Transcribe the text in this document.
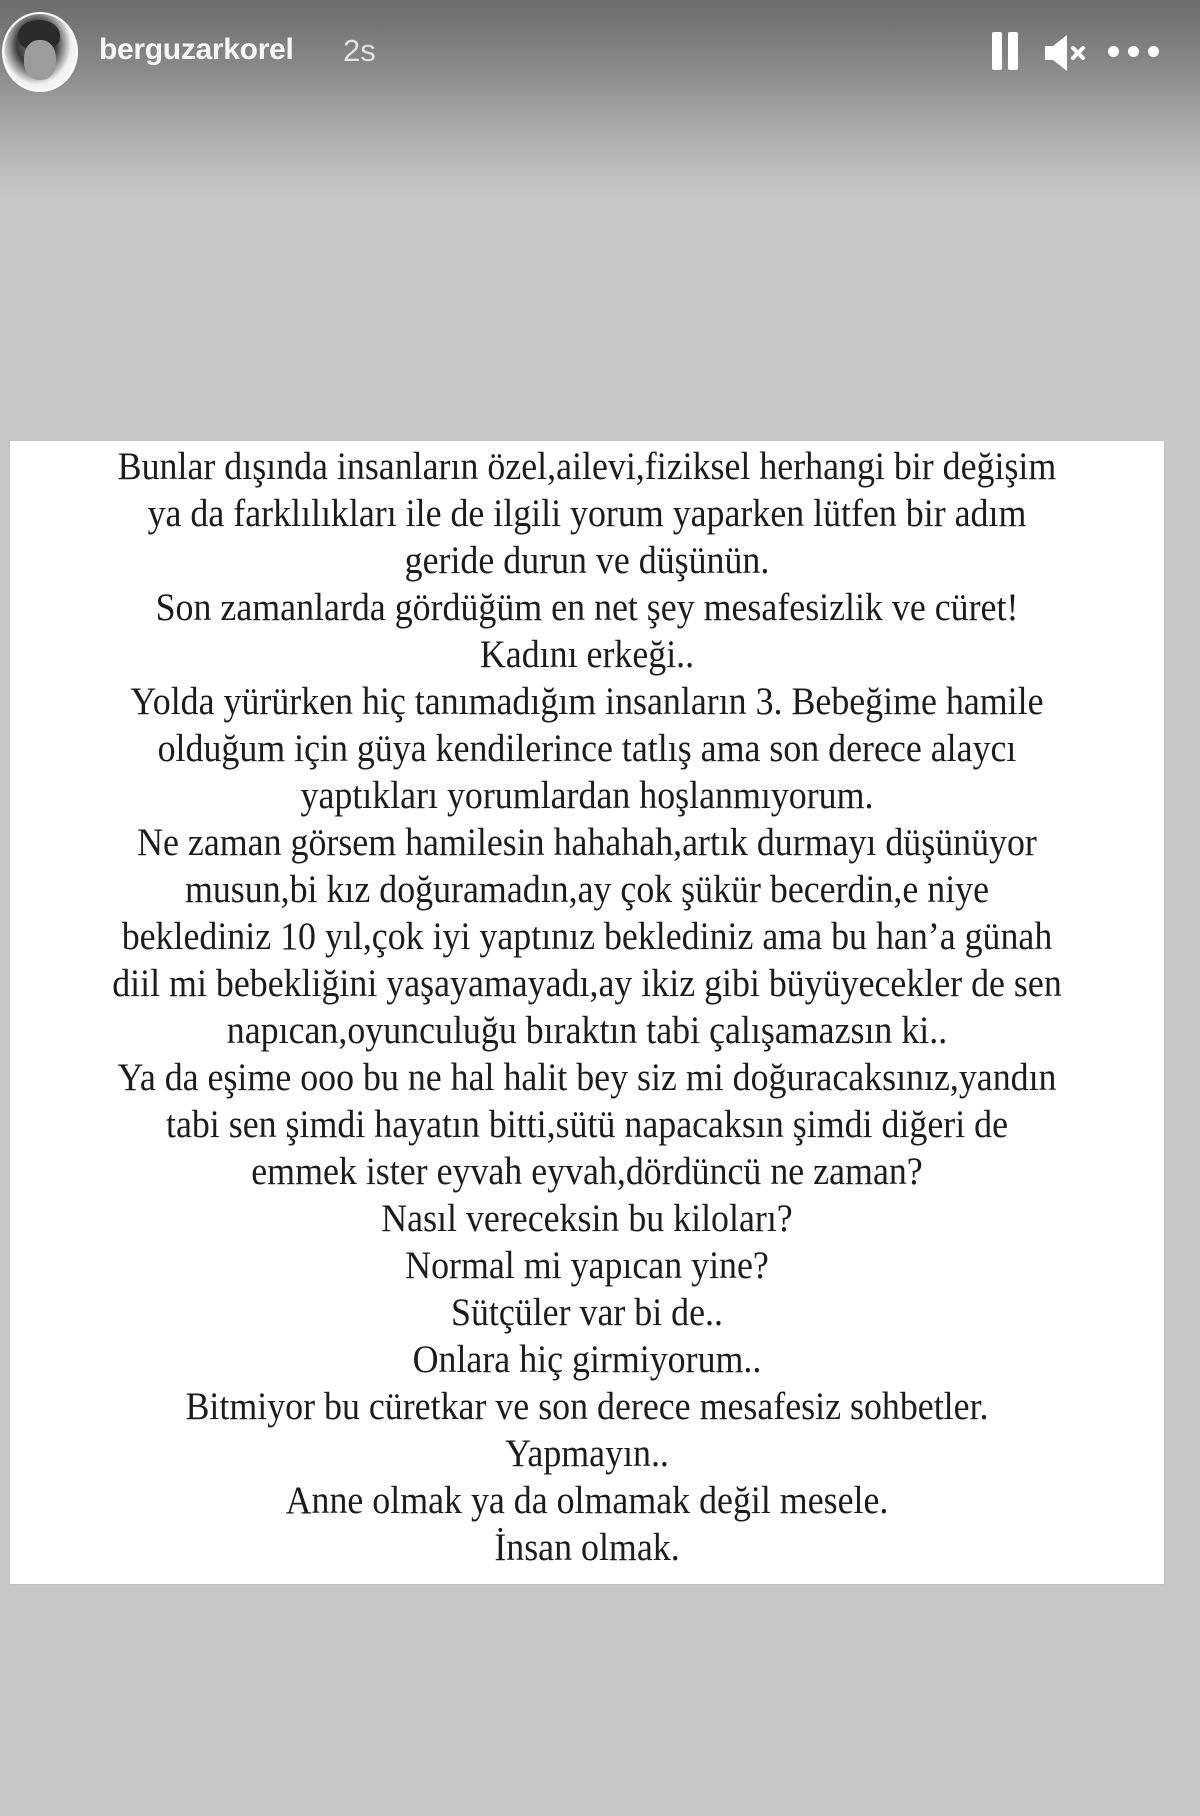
berguzarkorel 2s
Bunlar dışında insanların özel,ailevi,fiziksel herhangi bir değişim
ya da farklılıkları ile de ilgili yorum yaparken lütfen bir adım
geride durun ve düşünün.
Son zamanlarda gördüğüm en net şey mesafesizlik ve cüret!
Kadını erkeği..
Yolda yürürken hiç tanımadığım insanların 3. Bebeğime hamile
olduğum için güya kendilerince tatlış ama son derece alaycı
yaptıkları yorumlardan hoşlanmıyorum.
Ne zaman görsem hamilesin hahahah,artık durmayı düşünüyor
musun,bi kız doğuramadın,ay çok şükür becerdin,e niye
beklediniz 10 yıl,çok iyi yaptınız beklediniz ama bu han’a günah
diil mi bebekliğini yaşayamayadı,ay ikiz gibi büyüyecekler de sen
napıcan,oyunculuğu bıraktın tabi çalışamazsın ki..
Ya da eşime ooo bu ne hal halit bey siz mi doğuracaksınız,yandın
tabi sen şimdi hayatın bitti,sütü napacaksın şimdi diğeri de
emmek ister eyvah eyvah,dördüncü ne zaman?
Nasıl vereceksin bu kiloları?
Normal mi yapıcan yine?
Sütçüler var bi de..
Onlara hiç girmiyorum..
Bitmiyor bu cüretkar ve son derece mesafesiz sohbetler.
Yapmayın..
Anne olmak ya da olmamak değil mesele.
İnsan olmak.
